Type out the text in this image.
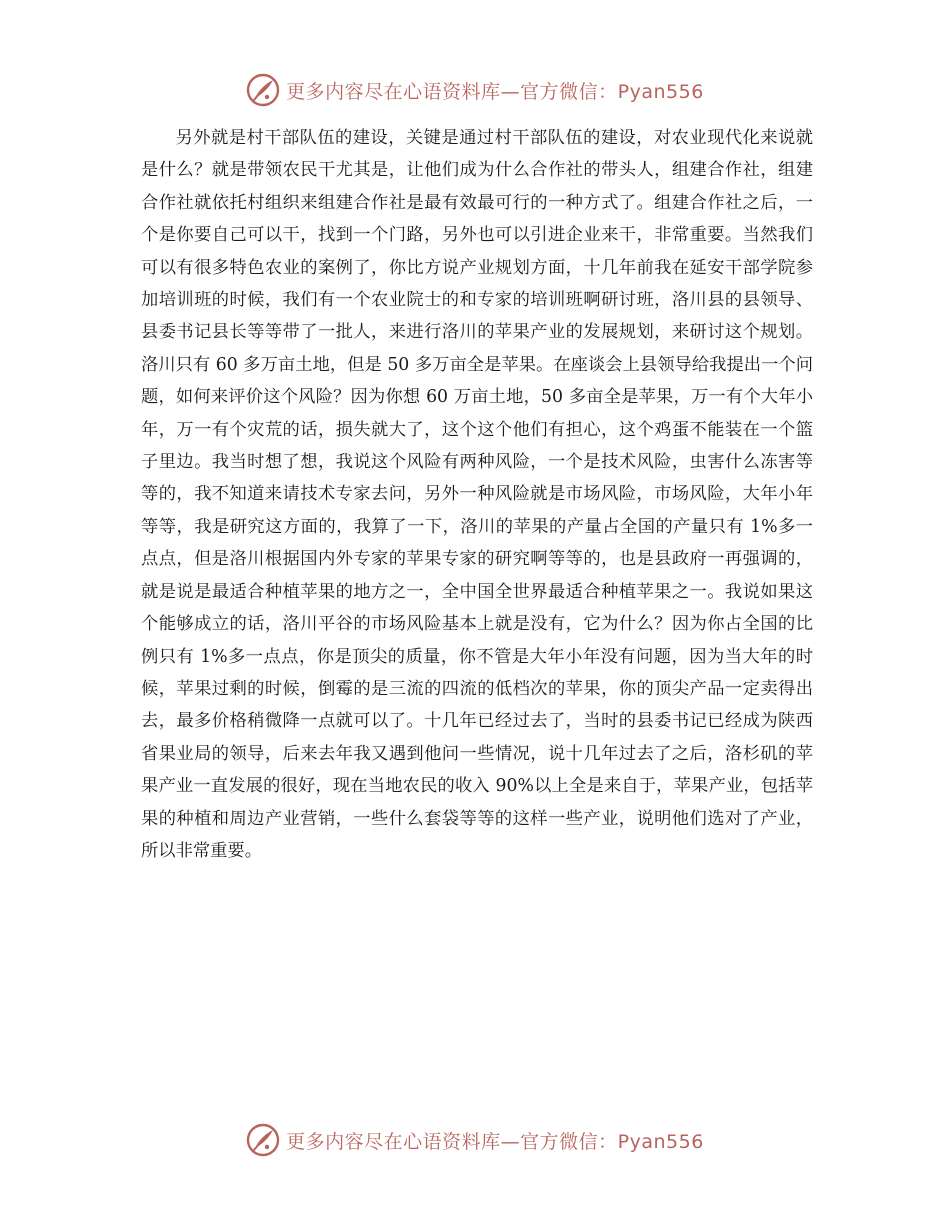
更多内容尽在心语资料库—官方微信：Pyan556

另外就是村干部队伍的建设，关键是通过村干部队伍的建设，对农业现代化来说就是什么？就是带领农民干尤其是，让他们成为什么合作社的带头人，组建合作社，组建合作社就依托村组织来组建合作社是最有效最可行的一种方式了。组建合作社之后，一个是你要自己可以干，找到一个门路，另外也可以引进企业来干，非常重要。当然我们可以有很多特色农业的案例了，你比方说产业规划方面，十几年前我在延安干部学院参加培训班的时候，我们有一个农业院士的和专家的培训班啊研讨班，洛川县的县领导、县委书记县长等等带了一批人，来进行洛川的苹果产业的发展规划，来研讨这个规划。洛川只有 60 多万亩土地，但是 50 多万亩全是苹果。在座谈会上县领导给我提出一个问题，如何来评价这个风险？因为你想 60 万亩土地，50 多亩全是苹果，万一有个大年小年，万一有个灾荒的话，损失就大了，这个这个他们有担心，这个鸡蛋不能装在一个篮子里边。我当时想了想，我说这个风险有两种风险，一个是技术风险，虫害什么冻害等等的，我不知道来请技术专家去问，另外一种风险就是市场风险，市场风险，大年小年等等，我是研究这方面的，我算了一下，洛川的苹果的产量占全国的产量只有 1%多一点点，但是洛川根据国内外专家的苹果专家的研究啊等等的，也是县政府一再强调的，就是说是最适合种植苹果的地方之一，全中国全世界最适合种植苹果之一。我说如果这个能够成立的话，洛川平谷的市场风险基本上就是没有，它为什么？因为你占全国的比例只有 1%多一点点，你是顶尖的质量，你不管是大年小年没有问题，因为当大年的时候，苹果过剩的时候，倒霉的是三流的四流的低档次的苹果，你的顶尖产品一定卖得出去，最多价格稍微降一点就可以了。十几年已经过去了，当时的县委书记已经成为陕西省果业局的领导，后来去年我又遇到他问一些情况，说十几年过去了之后，洛杉矶的苹果产业一直发展的很好，现在当地农民的收入 90%以上全是来自于，苹果产业，包括苹果的种植和周边产业营销，一些什么套袋等等的这样一些产业，说明他们选对了产业，所以非常重要。

更多内容尽在心语资料库—官方微信：Pyan556
